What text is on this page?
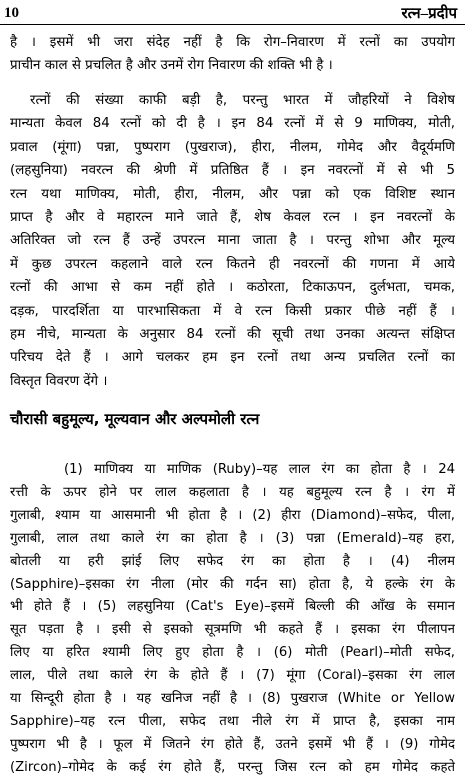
10	रत्न–प्रदीप
है । इसमें भी जरा संदेह नहीं है कि रोग–निवारण में रत्नों का उपयोग
प्राचीन काल से प्रचलित है और उनमें रोग निवारण की शक्ति भी है ।
रत्नों की संख्या काफी बड़ी है, परन्तु भारत में जौहरियों ने विशेष
मान्यता केवल 84 रत्नों को दी है । इन 84 रत्नों में से 9 माणिक्य, मोती,
प्रवाल (मूंगा) पन्ना, पुष्पराग (पुखराज), हीरा, नीलम, गोमेद और वैदूर्यमणि
(लहसुनिया) नवरत्न की श्रेणी में प्रतिष्ठित हैं । इन नवरत्नों में से भी 5
रत्न यथा माणिक्य, मोती, हीरा, नीलम, और पन्ना को एक विशिष्ट स्थान
प्राप्त है और वे महारत्न माने जाते हैं, शेष केवल रत्न । इन नवरत्नों के
अतिरिक्त जो रत्न हैं उन्हें उपरत्न माना जाता है । परन्तु शोभा और मूल्य
में कुछ उपरत्न कहलाने वाले रत्न कितने ही नवरत्नों की गणना में आये
रत्नों की आभा से कम नहीं होते । कठोरता, टिकाऊपन, दुर्लभता, चमक,
दड़क, पारदर्शिता या पारभासिकता में वे रत्न किसी प्रकार पीछे नहीं हैं ।
हम नीचे, मान्यता के अनुसार 84 रत्नों की सूची तथा उनका अत्यन्त संक्षिप्त
परिचय देते हैं । आगे चलकर हम इन रत्नों तथा अन्य प्रचलित रत्नों का
विस्तृत विवरण देंगे ।
चौरासी बहुमूल्य, मूल्यवान और अल्पमोली रत्न
(1) माणिक्य या माणिक (Ruby)–यह लाल रंग का होता है । 24
रत्ती के ऊपर होने पर लाल कहलाता है । यह बहुमूल्य रत्न है । रंग में
गुलाबी, श्याम या आसमानी भी होता है । (2) हीरा (Diamond)–सफेद, पीला,
गुलाबी, लाल तथा काले रंग का होता है । (3) पन्ना (Emerald)–यह हरा,
बोतली या हरी झांई लिए सफेद रंग का होता है । (4) नीलम
(Sapphire)–इसका रंग नीला (मोर की गर्दन सा) होता है, ये हल्के रंग के
भी होते हैं । (5) लहसुनिया (Cat's Eye)–इसमें बिल्ली की आँख के समान
सूत पड़ता है । इसी से इसको सूत्रमणि भी कहते हैं । इसका रंग पीलापन
लिए या हरित श्यामी लिए हुए होता है । (6) मोती (Pearl)–मोती सफेद,
लाल, पीले तथा काले रंग के होते हैं । (7) मूंगा (Coral)–इसका रंग लाल
या सिन्दूरी होता है । यह खनिज नहीं है । (8) पुखराज (White or Yellow
Sapphire)–यह रत्न पीला, सफेद तथा नीले रंग में प्राप्त है, इसका नाम
पुष्पराग भी है । फूल में जितने रंग होते हैं, उतने इसमें भी हैं । (9) गोमेद
(Zircon)–गोमेद के कई रंग होते हैं, परन्तु जिस रत्न को हम गोमेद कहते
